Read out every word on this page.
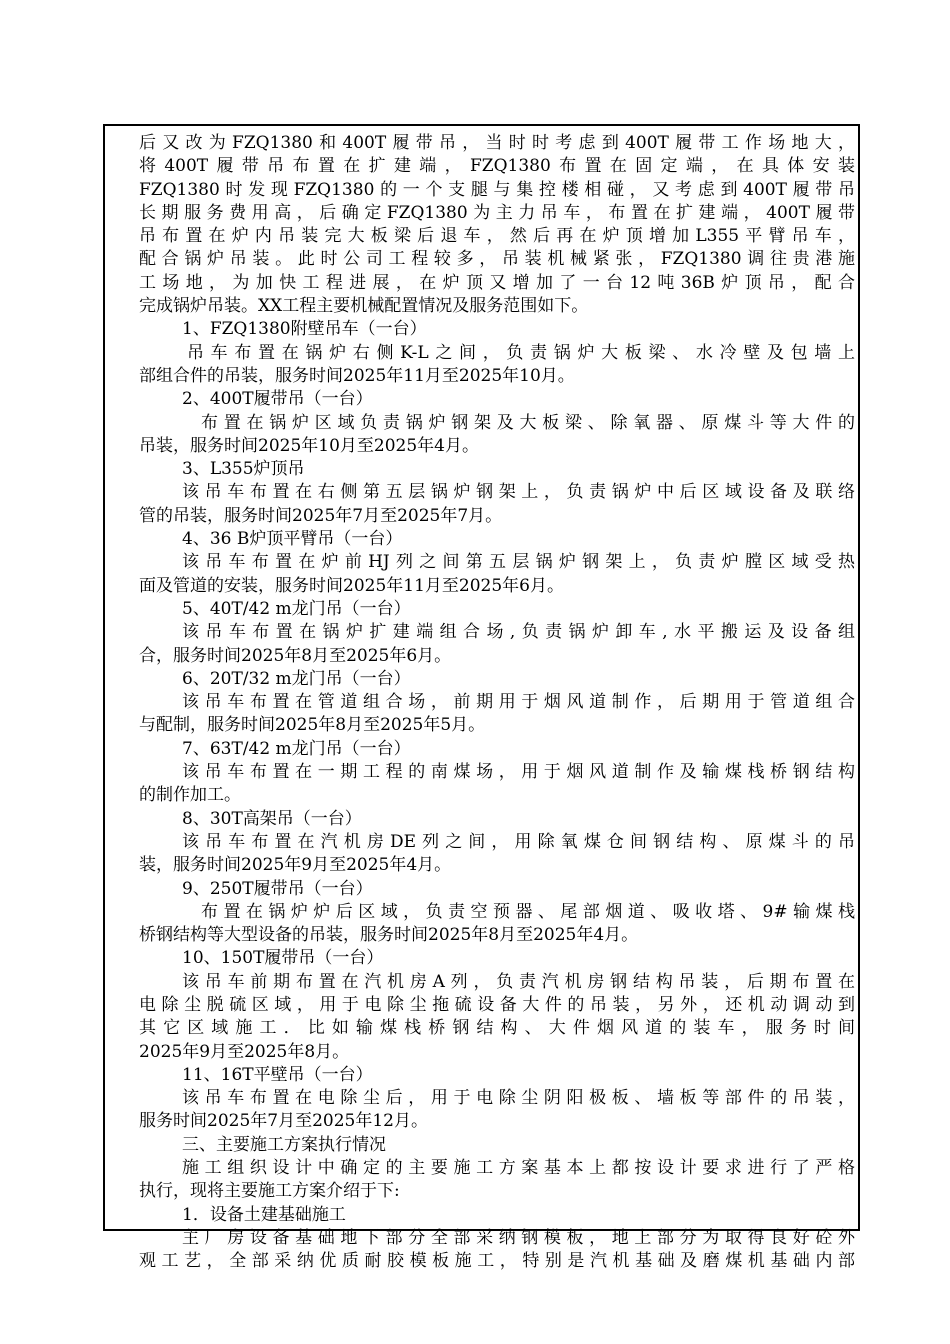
后又改为FZQ1380和400T履带吊，当时时考虑到400T履带工作场地大，
将400T履带吊布置在扩建端，FZQ1380布置在固定端，在具体安装
FZQ1380时发现FZQ1380的一个支腿与集控楼相碰，又考虑到400T履带吊
长期服务费用高，后确定FZQ1380为主力吊车，布置在扩建端，400T履带
吊布置在炉内吊装完大板梁后退车，然后再在炉顶增加L355平臂吊车，
配合锅炉吊装。此时公司工程较多，吊装机械紧张，FZQ1380调往贵港施
工场地，为加快工程进展，在炉顶又增加了一台12吨36B炉顶吊，配合
完成锅炉吊装。XX工程主要机械配置情况及服务范围如下。
1、FZQ1380附壁吊车（一台）
吊车布置在锅炉右侧K-L之间，负责锅炉大板梁、水冷壁及包墙上
部组合件的吊装，服务时间2025年11月至2025年10月。
2、400T履带吊（一台）
布置在锅炉区域负责锅炉钢架及大板梁、除氧器、原煤斗等大件的
吊装，服务时间2025年10月至2025年4月。
3、L355炉顶吊
该吊车布置在右侧第五层锅炉钢架上，负责锅炉中后区域设备及联络
管的吊装，服务时间2025年7月至2025年7月。
4、36 B炉顶平臂吊（一台）
该吊车布置在炉前HJ列之间第五层锅炉钢架上，负责炉膛区域受热
面及管道的安装，服务时间2025年11月至2025年6月。
5、40T/42 m龙门吊（一台）
该吊车布置在锅炉扩建端组合场,负责锅炉卸车,水平搬运及设备组
合，服务时间2025年8月至2025年6月。
6、20T/32 m龙门吊（一台）
该吊车布置在管道组合场，前期用于烟风道制作，后期用于管道组合
与配制，服务时间2025年8月至2025年5月。
7、63T/42 m龙门吊（一台）
该吊车布置在一期工程的南煤场，用于烟风道制作及输煤栈桥钢结构
的制作加工。
8、30T高架吊（一台）
该吊车布置在汽机房DE列之间，用除氧煤仓间钢结构、原煤斗的吊
装，服务时间2025年9月至2025年4月。
9、250T履带吊（一台）
布置在锅炉炉后区域，负责空预器、尾部烟道、吸收塔、9#输煤栈
桥钢结构等大型设备的吊装，服务时间2025年8月至2025年4月。
10、150T履带吊（一台）
该吊车前期布置在汽机房A列，负责汽机房钢结构吊装，后期布置在
电除尘脱硫区域，用于电除尘拖硫设备大件的吊装，另外，还机动调动到
其它区域施工．比如输煤栈桥钢结构、大件烟风道的装车，服务时间
2025年9月至2025年8月。
11、16T平壁吊（一台）
该吊车布置在电除尘后，用于电除尘阴阳极板、墙板等部件的吊装，
服务时间2025年7月至2025年12月。
三、主要施工方案执行情况
施工组织设计中确定的主要施工方案基本上都按设计要求进行了严格
执行，现将主要施工方案介绍于下:
1．设备土建基础施工
主厂房设备基础地下部分全部采纳钢模板，地上部分为取得良好砼外
观工艺，全部采纳优质耐胶模板施工，特别是汽机基础及磨煤机基础内部
